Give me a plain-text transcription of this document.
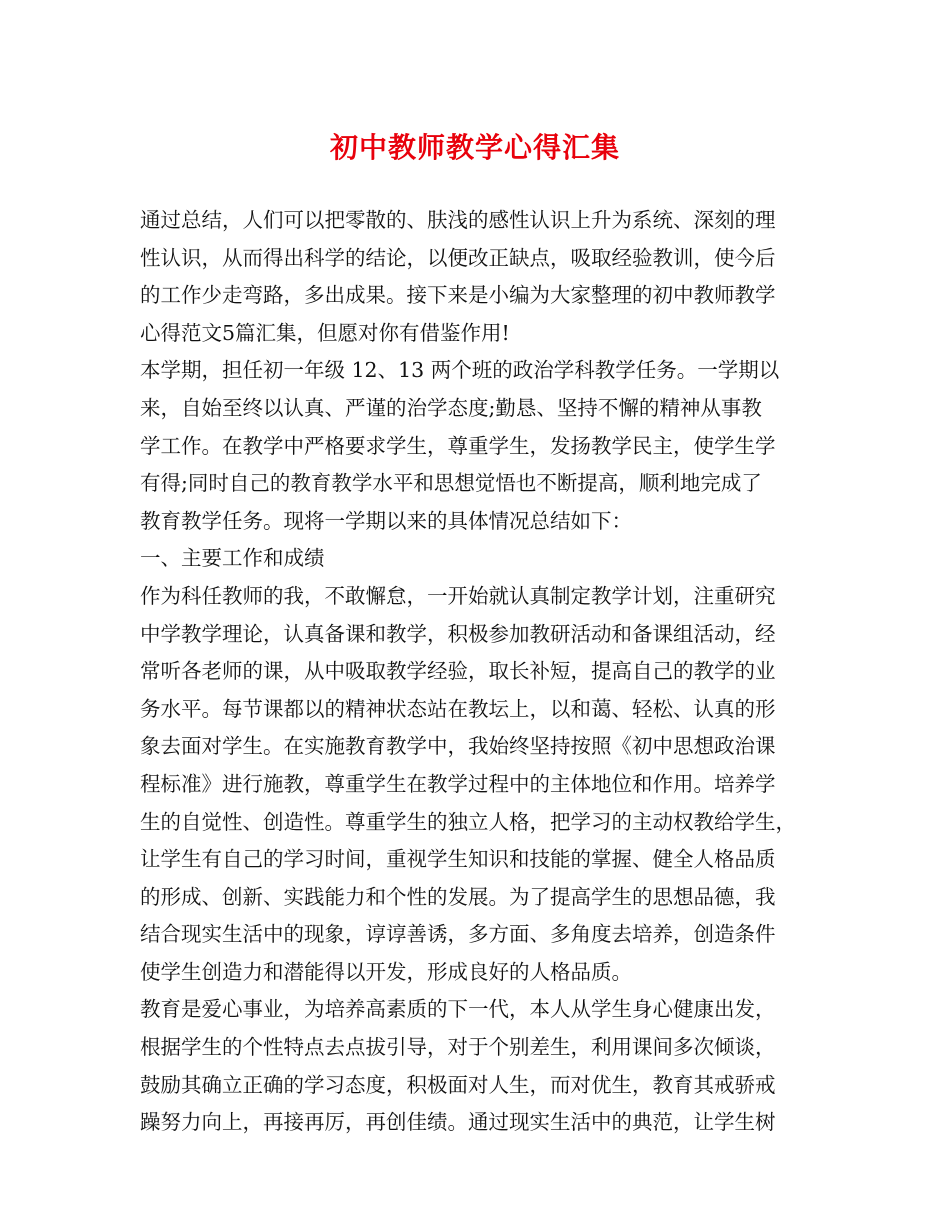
初中教师教学心得汇集
通过总结，人们可以把零散的、肤浅的感性认识上升为系统、深刻的理
性认识，从而得出科学的结论，以便改正缺点，吸取经验教训，使今后
的工作少走弯路，多出成果。接下来是小编为大家整理的初中教师教学
心得范文5篇汇集，但愿对你有借鉴作用!
本学期，担任初一年级 12、13 两个班的政治学科教学任务。一学期以
来，自始至终以认真、严谨的治学态度;勤恳、坚持不懈的精神从事教
学工作。在教学中严格要求学生，尊重学生，发扬教学民主，使学生学
有得;同时自己的教育教学水平和思想觉悟也不断提高，顺利地完成了
教育教学任务。现将一学期以来的具体情况总结如下：
一、主要工作和成绩
作为科任教师的我，不敢懈怠，一开始就认真制定教学计划，注重研究
中学教学理论，认真备课和教学，积极参加教研活动和备课组活动，经
常听各老师的课，从中吸取教学经验，取长补短，提高自己的教学的业
务水平。每节课都以的精神状态站在教坛上，以和蔼、轻松、认真的形
象去面对学生。在实施教育教学中，我始终坚持按照《初中思想政治课
程标准》进行施教，尊重学生在教学过程中的主体地位和作用。培养学
生的自觉性、创造性。尊重学生的独立人格，把学习的主动权教给学生，
让学生有自己的学习时间，重视学生知识和技能的掌握、健全人格品质
的形成、创新、实践能力和个性的发展。为了提高学生的思想品德，我
结合现实生活中的现象，谆谆善诱，多方面、多角度去培养，创造条件
使学生创造力和潜能得以开发，形成良好的人格品质。
教育是爱心事业，为培养高素质的下一代，本人从学生身心健康出发，
根据学生的个性特点去点拔引导，对于个别差生，利用课间多次倾谈，
鼓励其确立正确的学习态度，积极面对人生，而对优生，教育其戒骄戒
躁努力向上，再接再厉，再创佳绩。通过现实生活中的典范，让学生树
